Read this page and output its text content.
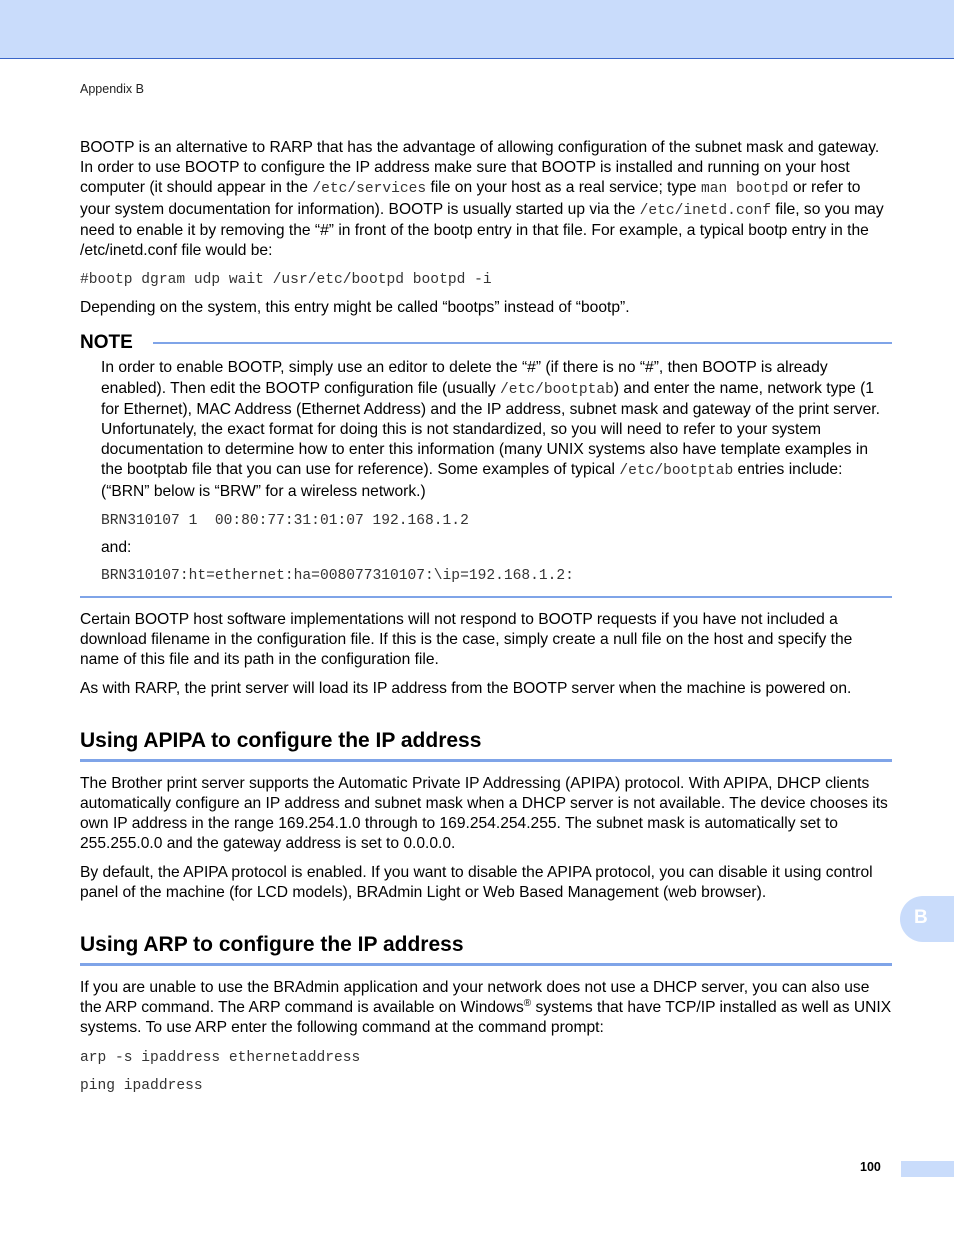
Appendix B

BOOTP is an alternative to RARP that has the advantage of allowing configuration of the subnet mask and gateway. In order to use BOOTP to configure the IP address make sure that BOOTP is installed and running on your host computer (it should appear in the /etc/services file on your host as a real service; type man bootpd or refer to your system documentation for information). BOOTP is usually started up via the /etc/inetd.conf file, so you may need to enable it by removing the “#” in front of the bootp entry in that file. For example, a typical bootp entry in the /etc/inetd.conf file would be:

#bootp dgram udp wait /usr/etc/bootpd bootpd -i

Depending on the system, this entry might be called “bootps” instead of “bootp”.

NOTE

In order to enable BOOTP, simply use an editor to delete the “#” (if there is no “#”, then BOOTP is already enabled). Then edit the BOOTP configuration file (usually /etc/bootptab) and enter the name, network type (1 for Ethernet), MAC Address (Ethernet Address) and the IP address, subnet mask and gateway of the print server. Unfortunately, the exact format for doing this is not standardized, so you will need to refer to your system documentation to determine how to enter this information (many UNIX systems also have template examples in the bootptab file that you can use for reference). Some examples of typical /etc/bootptab entries include: (“BRN” below is “BRW” for a wireless network.)

BRN310107 1  00:80:77:31:01:07 192.168.1.2

and:

BRN310107:ht=ethernet:ha=008077310107:\ip=192.168.1.2:

Certain BOOTP host software implementations will not respond to BOOTP requests if you have not included a download filename in the configuration file. If this is the case, simply create a null file on the host and specify the name of this file and its path in the configuration file.

As with RARP, the print server will load its IP address from the BOOTP server when the machine is powered on.

Using APIPA to configure the IP address

The Brother print server supports the Automatic Private IP Addressing (APIPA) protocol. With APIPA, DHCP clients automatically configure an IP address and subnet mask when a DHCP server is not available. The device chooses its own IP address in the range 169.254.1.0 through to 169.254.254.255. The subnet mask is automatically set to 255.255.0.0 and the gateway address is set to 0.0.0.0.

By default, the APIPA protocol is enabled. If you want to disable the APIPA protocol, you can disable it using control panel of the machine (for LCD models), BRAdmin Light or Web Based Management (web browser).

Using ARP to configure the IP address

If you are unable to use the BRAdmin application and your network does not use a DHCP server, you can also use the ARP command. The ARP command is available on Windows® systems that have TCP/IP installed as well as UNIX systems. To use ARP enter the following command at the command prompt:

arp -s ipaddress ethernetaddress
ping ipaddress
B
100
